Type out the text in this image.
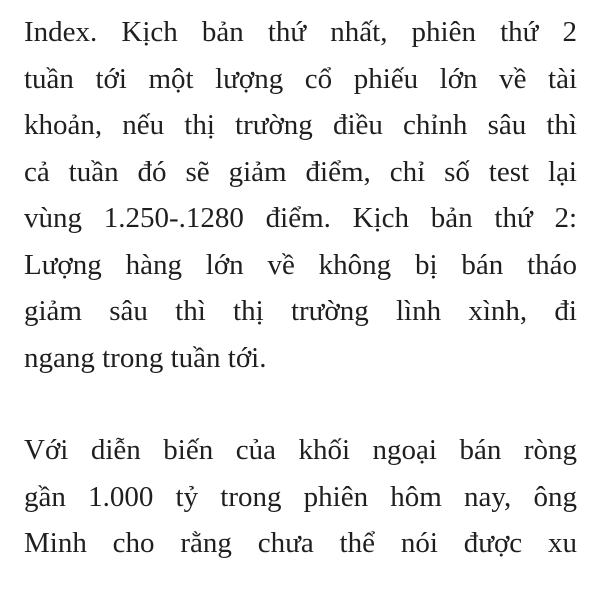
Index. Kịch bản thứ nhất, phiên thứ 2
tuần tới một lượng cổ phiếu lớn về tài
khoản, nếu thị trường điều chỉnh sâu thì
cả tuần đó sẽ giảm điểm, chỉ số test lại
vùng 1.250-.1280 điểm. Kịch bản thứ 2:
Lượng hàng lớn về không bị bán tháo
giảm sâu thì thị trường lình xình, đi
ngang trong tuần tới.

Với diễn biến của khối ngoại bán ròng
gần 1.000 tỷ trong phiên hôm nay, ông
Minh cho rằng chưa thể nói được xu
